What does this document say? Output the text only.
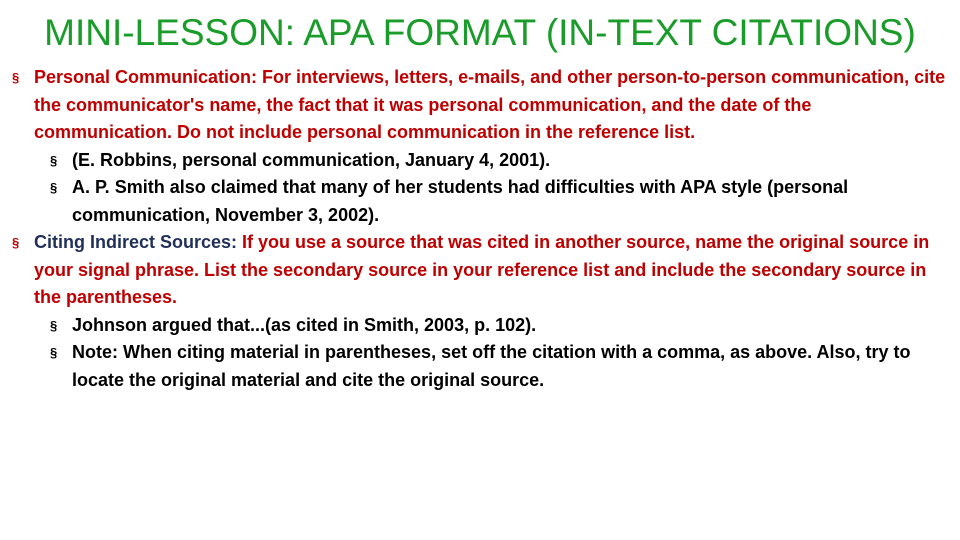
MINI-LESSON: APA FORMAT (IN-TEXT CITATIONS)
§ Personal Communication: For interviews, letters, e-mails, and other person-to-person communication, cite the communicator's name, the fact that it was personal communication, and the date of the communication. Do not include personal communication in the reference list.
§ (E. Robbins, personal communication, January 4, 2001).
§ A. P. Smith also claimed that many of her students had difficulties with APA style (personal communication, November 3, 2002).
§ Citing Indirect Sources: If you use a source that was cited in another source, name the original source in your signal phrase. List the secondary source in your reference list and include the secondary source in the parentheses.
§ Johnson argued that...(as cited in Smith, 2003, p. 102).
§ Note: When citing material in parentheses, set off the citation with a comma, as above. Also, try to locate the original material and cite the original source.
